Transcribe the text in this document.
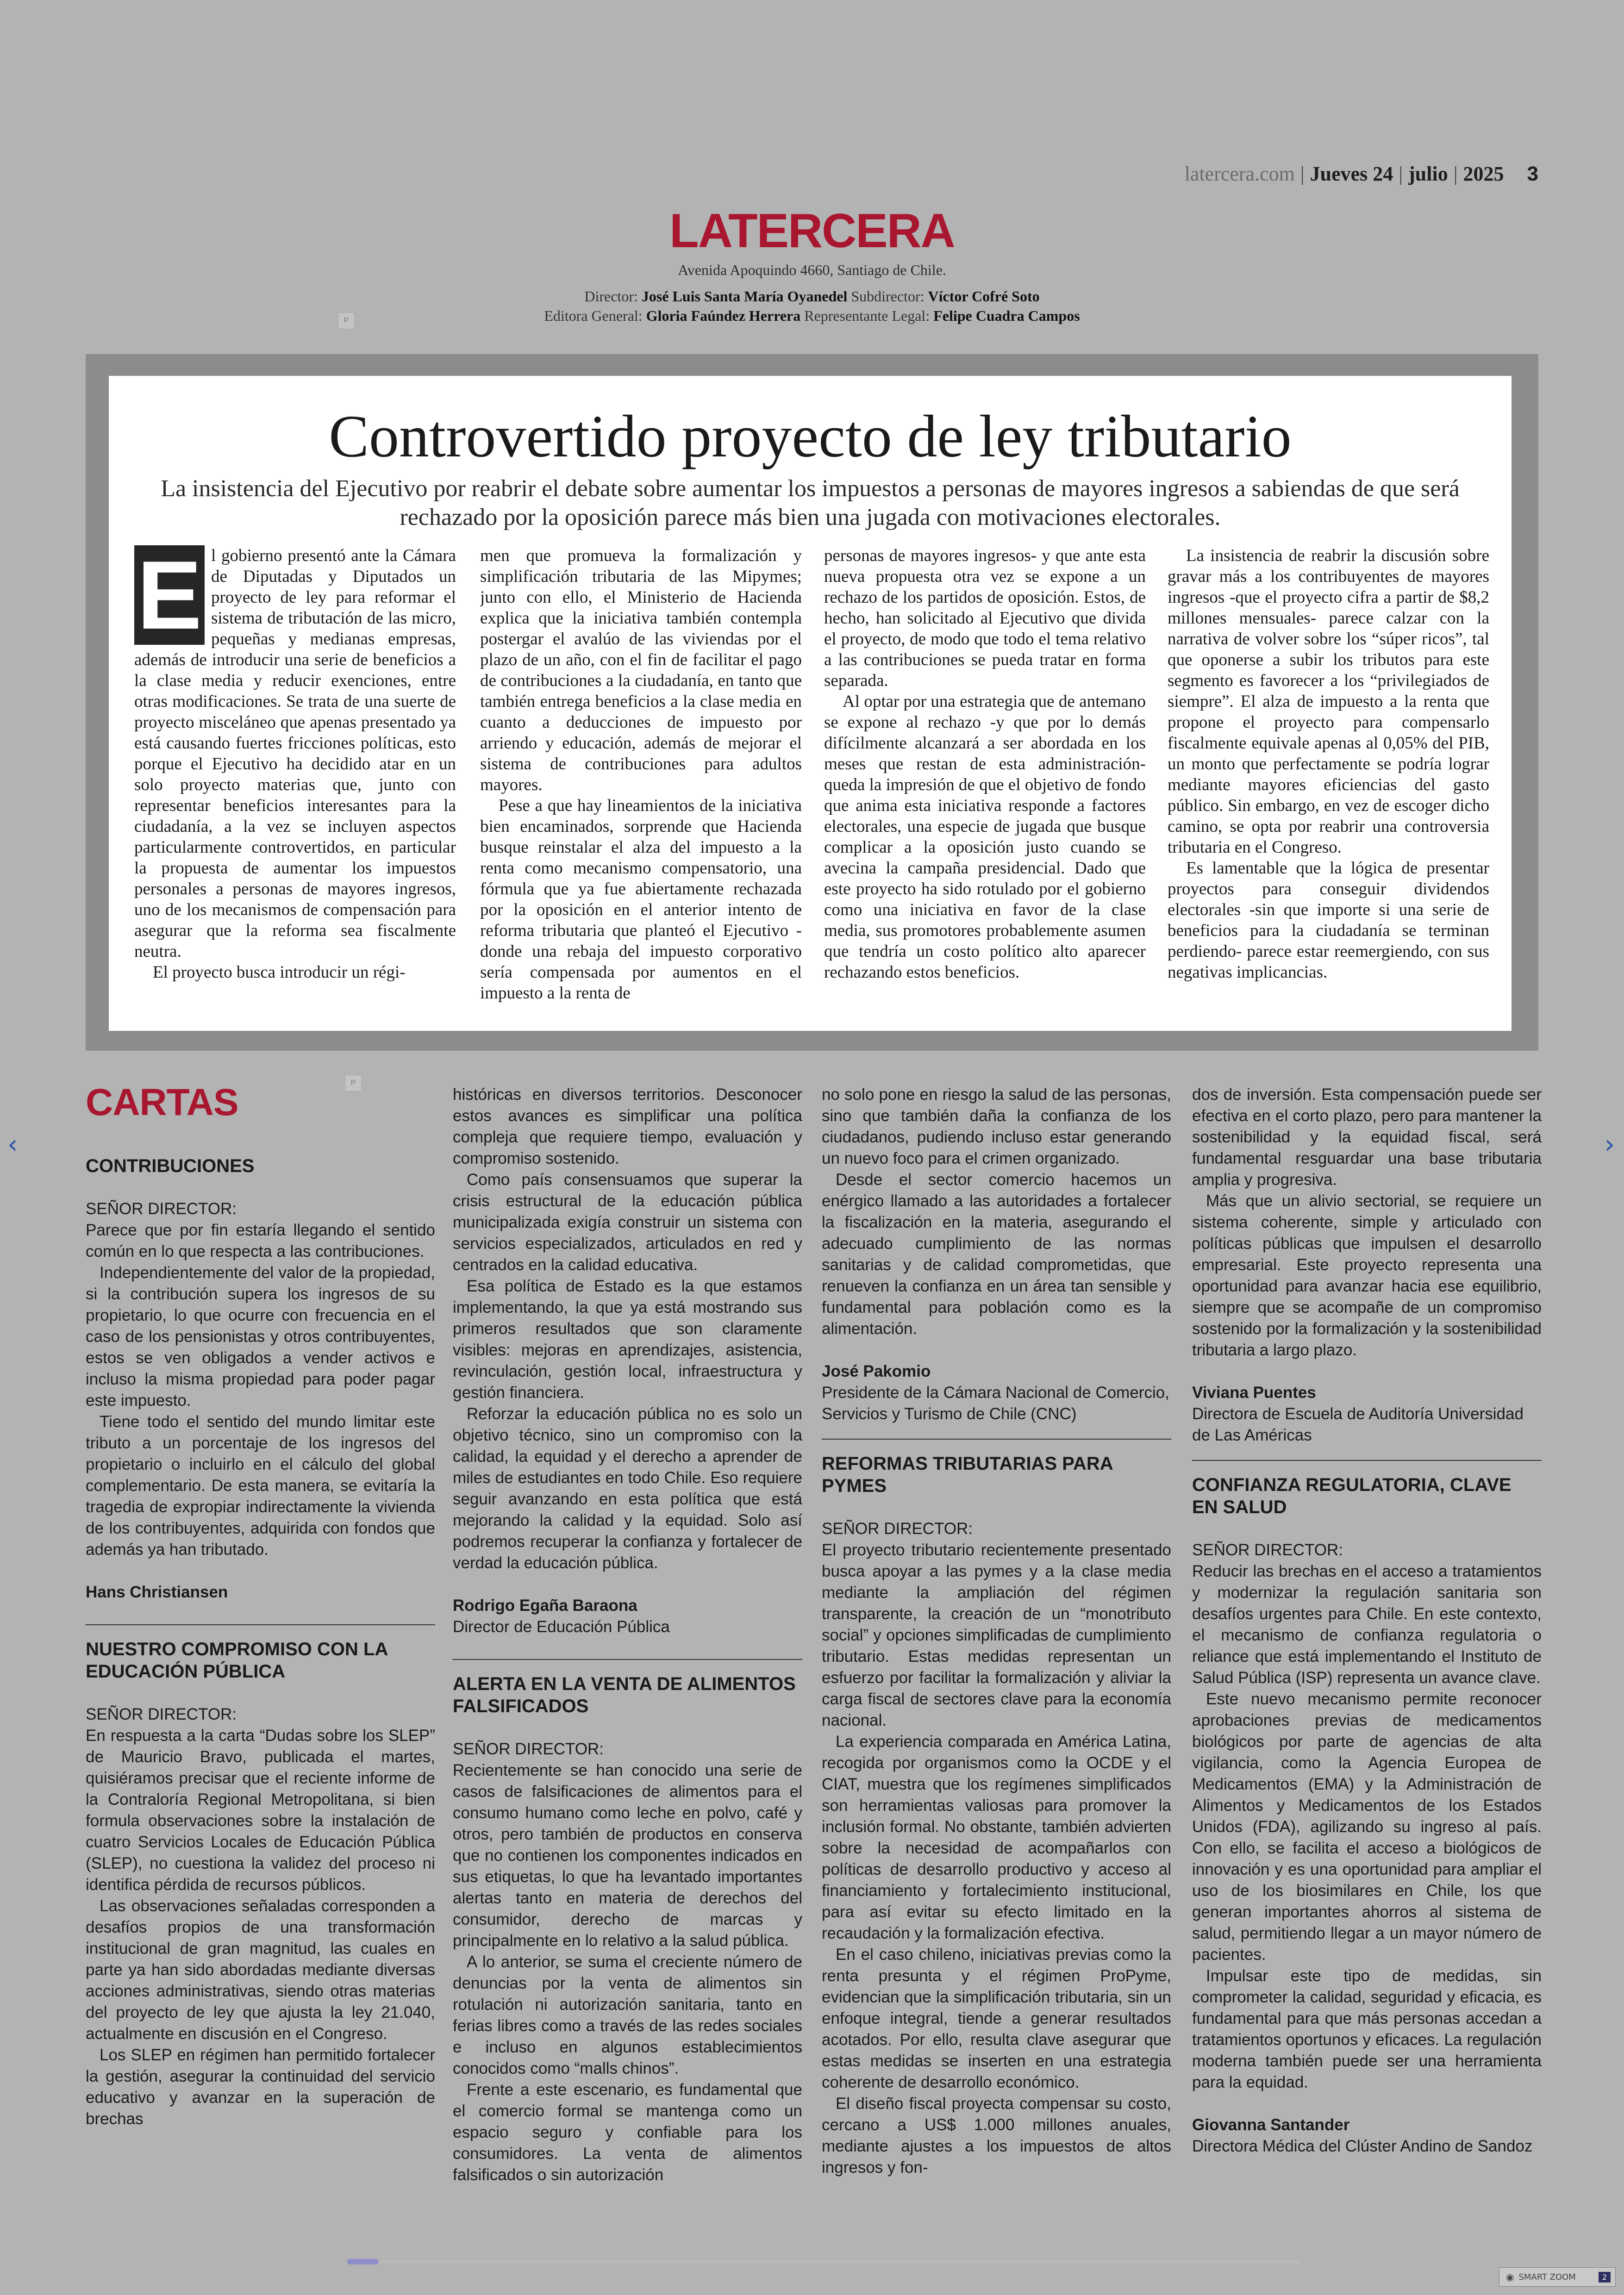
latercera.com | Jueves 24 | julio | 2025 3
LATERCERA
Avenida Apoquindo 4660, Santiago de Chile.
Director: José Luis Santa María Oyanedel Subdirector: Víctor Cofré Soto
Editora General: Gloria Faúndez Herrera Representante Legal: Felipe Cuadra Campos
P
Controvertido proyecto de ley tributario
La insistencia del Ejecutivo por reabrir el debate sobre aumentar los impuestos a personas de mayores ingresos a sabiendas de que será rechazado por la oposición parece más bien una jugada con motivaciones electorales.
E l gobierno presentó ante la Cámara de Diputadas y Diputados un proyecto de ley para reformar el sistema de tributación de las micro, pequeñas y medianas empresas, además de introducir una serie de beneficios a la clase media y reducir exenciones, entre otras modificaciones. Se trata de una suerte de proyecto misceláneo que apenas presentado ya está causando fuertes fricciones políticas, esto porque el Ejecutivo ha decidido atar en un solo proyecto materias que, junto con representar beneficios interesantes para la ciudadanía, a la vez se incluyen aspectos particularmente controvertidos, en particular la propuesta de aumentar los impuestos personales a personas de mayores ingresos, uno de los mecanismos de compensación para asegurar que la reforma sea fiscalmente neutra.

El proyecto busca introducir un régi-

men que promueva la formalización y simplificación tributaria de las Mipymes; junto con ello, el Ministerio de Hacienda explica que la iniciativa también contempla postergar el avalúo de las viviendas por el plazo de un año, con el fin de facilitar el pago de contribuciones a la ciudadanía, en tanto que también entrega beneficios a la clase media en cuanto a deducciones de impuesto por arriendo y educación, además de mejorar el sistema de contribuciones para adultos mayores.

Pese a que hay lineamientos de la iniciativa bien encaminados, sorprende que Hacienda busque reinstalar el alza del impuesto a la renta como mecanismo compensatorio, una fórmula que ya fue abiertamente rechazada por la oposición en el anterior intento de reforma tributaria que planteó el Ejecutivo -donde una rebaja del impuesto corporativo sería compensada por aumentos en el impuesto a la renta de

personas de mayores ingresos- y que ante esta nueva propuesta otra vez se expone a un rechazo de los partidos de oposición. Estos, de hecho, han solicitado al Ejecutivo que divida el proyecto, de modo que todo el tema relativo a las contribuciones se pueda tratar en forma separada.

Al optar por una estrategia que de antemano se expone al rechazo -y que por lo demás difícilmente alcanzará a ser abordada en los meses que restan de esta administración- queda la impresión de que el objetivo de fondo que anima esta iniciativa responde a factores electorales, una especie de jugada que busque complicar a la oposición justo cuando se avecina la campaña presidencial. Dado que este proyecto ha sido rotulado por el gobierno como una iniciativa en favor de la clase media, sus promotores probablemente asumen que tendría un costo político alto aparecer rechazando estos beneficios.

La insistencia de reabrir la discusión sobre gravar más a los contribuyentes de mayores ingresos -que el proyecto cifra a partir de $8,2 millones mensuales- parece calzar con la narrativa de volver sobre los “súper ricos”, tal que oponerse a subir los tributos para este segmento es favorecer a los “privilegiados de siempre”. El alza de impuesto a la renta que propone el proyecto para compensarlo fiscalmente equivale apenas al 0,05% del PIB, un monto que perfectamente se podría lograr mediante mayores eficiencias del gasto público. Sin embargo, en vez de escoger dicho camino, se opta por reabrir una controversia tributaria en el Congreso.

Es lamentable que la lógica de presentar proyectos para conseguir dividendos electorales -sin que importe si una serie de beneficios para la ciudadanía se terminan perdiendo- parece estar reemergiendo, con sus negativas implicancias.

CARTAS	P

CONTRIBUCIONES

SEÑOR DIRECTOR:

Parece que por fin estaría llegando el sentido común en lo que respecta a las contribuciones.

Independientemente del valor de la propiedad, si la contribución supera los ingresos de su propietario, lo que ocurre con frecuencia en el caso de los pensionistas y otros contribuyentes, estos se ven obligados a vender activos e incluso la misma propiedad para poder pagar este impuesto.

Tiene todo el sentido del mundo limitar este tributo a un porcentaje de los ingresos del propietario o incluirlo en el cálculo del global complementario. De esta manera, se evitaría la tragedia de expropiar indirectamente la vivienda de los contribuyentes, adquirida con fondos que además ya han tributado.

Hans Christiansen

NUESTRO COMPROMISO CON LA EDUCACIÓN PÚBLICA

SEÑOR DIRECTOR:

En respuesta a la carta “Dudas sobre los SLEP” de Mauricio Bravo, publicada el martes, quisiéramos precisar que el reciente informe de la Contraloría Regional Metropolitana, si bien formula observaciones sobre la instalación de cuatro Servicios Locales de Educación Pública (SLEP), no cuestiona la validez del proceso ni identifica pérdida de recursos públicos.

Las observaciones señaladas corresponden a desafíos propios de una transformación institucional de gran magnitud, las cuales en parte ya han sido abordadas mediante diversas acciones administrativas, siendo otras materias del proyecto de ley que ajusta la ley 21.040, actualmente en discusión en el Congreso.

Los SLEP en régimen han permitido fortalecer la gestión, asegurar la continuidad del servicio educativo y avanzar en la superación de brechas

históricas en diversos territorios. Desconocer estos avances es simplificar una política compleja que requiere tiempo, evaluación y compromiso sostenido.

Como país consensuamos que superar la crisis estructural de la educación pública municipalizada exigía construir un sistema con servicios especializados, articulados en red y centrados en la calidad educativa.

Esa política de Estado es la que estamos implementando, la que ya está mostrando sus primeros resultados que son claramente visibles: mejoras en aprendizajes, asistencia, revinculación, gestión local, infraestructura y gestión financiera.

Reforzar la educación pública no es solo un objetivo técnico, sino un compromiso con la calidad, la equidad y el derecho a aprender de miles de estudiantes en todo Chile. Eso requiere seguir avanzando en esta política que está mejorando la calidad y la equidad. Solo así podremos recuperar la confianza y fortalecer de verdad la educación pública.

Rodrigo Egaña Baraona

Director de Educación Pública

ALERTA EN LA VENTA DE ALIMENTOS FALSIFICADOS

SEÑOR DIRECTOR:

Recientemente se han conocido una serie de casos de falsificaciones de alimentos para el consumo humano como leche en polvo, café y otros, pero también de productos en conserva que no contienen los componentes indicados en sus etiquetas, lo que ha levantado importantes alertas tanto en materia de derechos del consumidor, derecho de marcas y principalmente en lo relativo a la salud pública.

A lo anterior, se suma el creciente número de denuncias por la venta de alimentos sin rotulación ni autorización sanitaria, tanto en ferias libres como a través de las redes sociales e incluso en algunos establecimientos conocidos como “malls chinos”.

Frente a este escenario, es fundamental que el comercio formal se mantenga como un espacio seguro y confiable para los consumidores. La venta de alimentos falsificados o sin autorización

no solo pone en riesgo la salud de las personas, sino que también daña la confianza de los ciudadanos, pudiendo incluso estar generando un nuevo foco para el crimen organizado.

Desde el sector comercio hacemos un enérgico llamado a las autoridades a fortalecer la fiscalización en la materia, asegurando el adecuado cumplimiento de las normas sanitarias y de calidad comprometidas, que renueven la confianza en un área tan sensible y fundamental para población como es la alimentación.

José Pakomio

Presidente de la Cámara Nacional de Comercio, Servicios y Turismo de Chile (CNC)

REFORMAS TRIBUTARIAS PARA PYMES

SEÑOR DIRECTOR:

El proyecto tributario recientemente presentado busca apoyar a las pymes y a la clase media mediante la ampliación del régimen transparente, la creación de un “monotributo social” y opciones simplificadas de cumplimiento tributario. Estas medidas representan un esfuerzo por facilitar la formalización y aliviar la carga fiscal de sectores clave para la economía nacional.

La experiencia comparada en América Latina, recogida por organismos como la OCDE y el CIAT, muestra que los regímenes simplificados son herramientas valiosas para promover la inclusión formal. No obstante, también advierten sobre la necesidad de acompañarlos con políticas de desarrollo productivo y acceso al financiamiento y fortalecimiento institucional, para así evitar su efecto limitado en la recaudación y la formalización efectiva.

En el caso chileno, iniciativas previas como la renta presunta y el régimen ProPyme, evidencian que la simplificación tributaria, sin un enfoque integral, tiende a generar resultados acotados. Por ello, resulta clave asegurar que estas medidas se inserten en una estrategia coherente de desarrollo económico.

El diseño fiscal proyecta compensar su costo, cercano a US$ 1.000 millones anuales, mediante ajustes a los impuestos de altos ingresos y fon-

dos de inversión. Esta compensación puede ser efectiva en el corto plazo, pero para mantener la sostenibilidad y la equidad fiscal, será fundamental resguardar una base tributaria amplia y progresiva.

Más que un alivio sectorial, se requiere un sistema coherente, simple y articulado con políticas públicas que impulsen el desarrollo empresarial. Este proyecto representa una oportunidad para avanzar hacia ese equilibrio, siempre que se acompañe de un compromiso sostenido por la formalización y la sostenibilidad tributaria a largo plazo.

Viviana Puentes

Directora de Escuela de Auditoría Universidad de Las Américas

CONFIANZA REGULATORIA, CLAVE EN SALUD

SEÑOR DIRECTOR:

Reducir las brechas en el acceso a tratamientos y modernizar la regulación sanitaria son desafíos urgentes para Chile. En este contexto, el mecanismo de confianza regulatoria o reliance que está implementando el Instituto de Salud Pública (ISP) representa un avance clave.

Este nuevo mecanismo permite reconocer aprobaciones previas de medicamentos biológicos por parte de agencias de alta vigilancia, como la Agencia Europea de Medicamentos (EMA) y la Administración de Alimentos y Medicamentos de los Estados Unidos (FDA), agilizando su ingreso al país. Con ello, se facilita el acceso a biológicos de innovación y es una oportunidad para ampliar el uso de los biosimilares en Chile, los que generan importantes ahorros al sistema de salud, permitiendo llegar a un mayor número de pacientes.

Impulsar este tipo de medidas, sin comprometer la calidad, seguridad y eficacia, es fundamental para que más personas accedan a tratamientos oportunos y eficaces. La regulación moderna también puede ser una herramienta para la equidad.

Giovanna Santander

Directora Médica del Clúster Andino de Sandoz

‹	›
◉ SMART ZOOM	2
